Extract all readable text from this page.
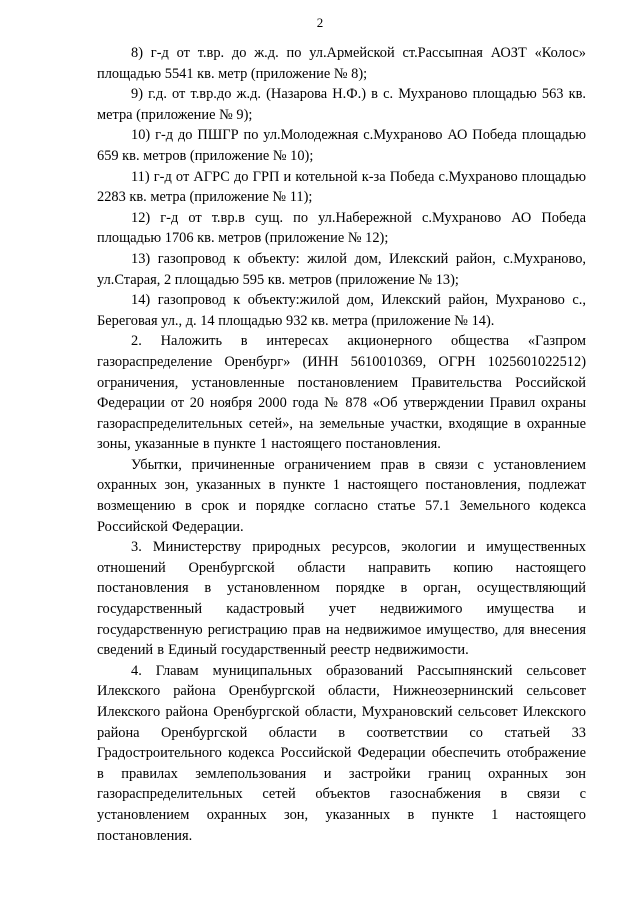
2

8) г-д от т.вр. до ж.д. по ул.Армейской ст.Рассыпная АОЗТ «Колос» площадью 5541 кв. метр (приложение № 8);

9) г.д. от т.вр.до ж.д. (Назарова Н.Ф.) в с. Мухраново площадью 563 кв. метра (приложение № 9);

10) г-д до ПШГР по ул.Молодежная с.Мухраново АО Победа площадью 659 кв. метров (приложение № 10);

11) г-д от АГРС до ГРП и котельной к-за Победа с.Мухраново площадью 2283 кв. метра (приложение № 11);

12) г-д от т.вр.в сущ. по ул.Набережной с.Мухраново АО Победа площадью 1706 кв. метров (приложение № 12);

13) газопровод к объекту: жилой дом, Илекский район, с.Мухраново, ул.Старая, 2 площадью 595 кв. метров (приложение № 13);

14) газопровод к объекту:жилой дом, Илекский район, Мухраново с., Береговая ул., д. 14 площадью 932 кв. метра (приложение № 14).

2. Наложить в интересах акционерного общества «Газпром газораспределение Оренбург» (ИНН 5610010369, ОГРН 1025601022512) ограничения, установленные постановлением Правительства Российской Федерации от 20 ноября 2000 года № 878 «Об утверждении Правил охраны газораспределительных сетей», на земельные участки, входящие в охранные зоны, указанные в пункте 1 настоящего постановления.

Убытки, причиненные ограничением прав в связи с установлением охранных зон, указанных в пункте 1 настоящего постановления, подлежат возмещению в срок и порядке согласно статье 57.1 Земельного кодекса Российской Федерации.

3. Министерству природных ресурсов, экологии и имущественных отношений Оренбургской области направить копию настоящего постановления в установленном порядке в орган, осуществляющий государственный кадастровый учет недвижимого имущества и государственную регистрацию прав на недвижимое имущество, для внесения сведений в Единый государственный реестр недвижимости.

4. Главам муниципальных образований Рассыпнянский сельсовет Илекского района Оренбургской области, Нижнеозернинский сельсовет Илекского района Оренбургской области, Мухрановский сельсовет Илекского района Оренбургской области в соответствии со статьей 33 Градостроительного кодекса Российской Федерации обеспечить отображение в правилах землепользования и застройки границ охранных зон газораспределительных сетей объектов газоснабжения в связи с установлением охранных зон, указанных в пункте 1 настоящего постановления.
